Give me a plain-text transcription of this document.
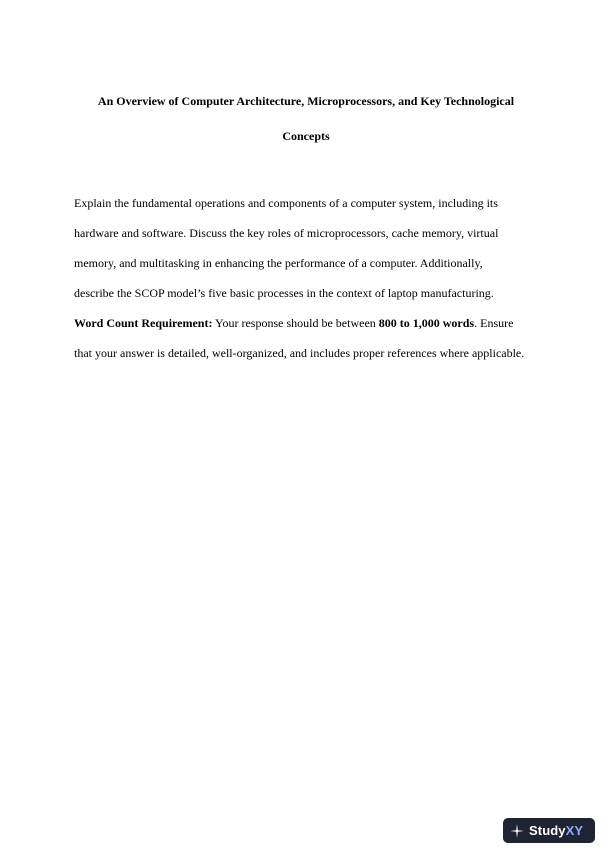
An Overview of Computer Architecture, Microprocessors, and Key Technological
Concepts
Explain the fundamental operations and components of a computer system, including its
hardware and software. Discuss the key roles of microprocessors, cache memory, virtual
memory, and multitasking in enhancing the performance of a computer. Additionally,
describe the SCOP model’s five basic processes in the context of laptop manufacturing.
Word Count Requirement: Your response should be between 800 to 1,000 words. Ensure
that your answer is detailed, well-organized, and includes proper references where applicable.
StudyXY
